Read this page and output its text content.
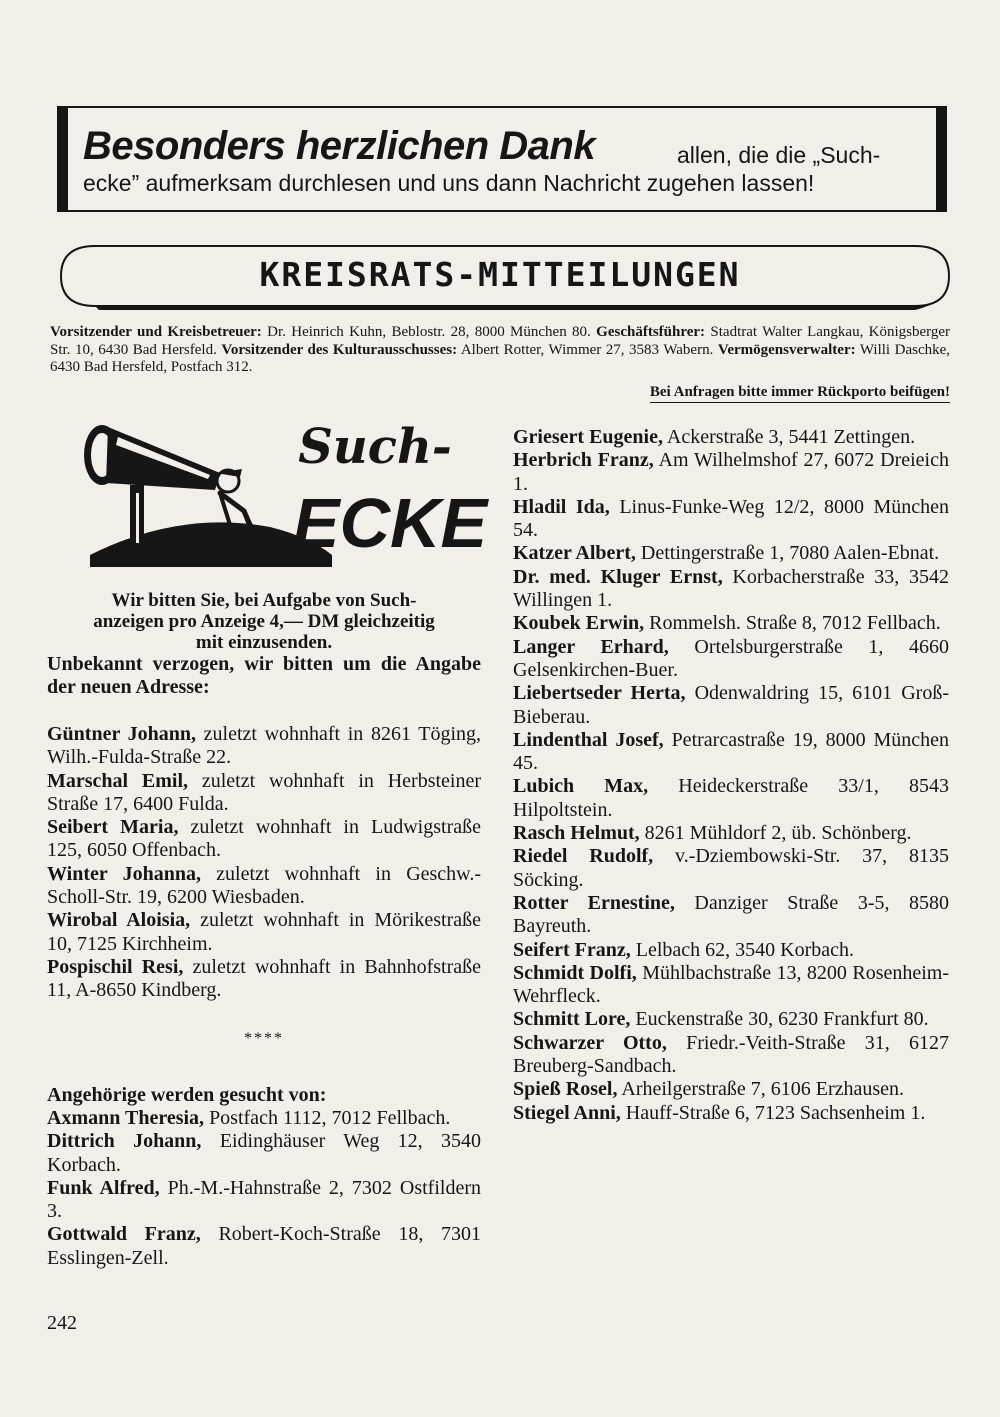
Besonders herzlichen Dank	allen, die die „Such-
ecke” aufmerksam durchlesen und uns dann Nachricht zugehen lassen!
KREISRATS-MITTEILUNGEN
Vorsitzender und Kreisbetreuer: Dr. Heinrich Kuhn, Beblostr. 28, 8000 München 80. Geschäftsführer: Stadtrat Walter Langkau, Königsberger Str. 10, 6430 Bad Hersfeld. Vorsitzender des Kulturausschusses: Albert Rotter, Wimmer 27, 3583 Wabern. Vermögensverwalter: Willi Daschke, 6430 Bad Hersfeld, Postfach 312.
Bei Anfragen bitte immer Rückporto beifügen!
Such-
ECKE

Wir bitten Sie, bei Aufgabe von Such-

anzeigen pro Anzeige 4,— DM gleichzeitig

mit einzusenden.

Unbekannt verzogen, wir bitten um die Angabe der neuen Adresse:

Güntner Johann, zuletzt wohnhaft in 8261 Töging, Wilh.-Fulda-Straße 22.

Marschal Emil, zuletzt wohnhaft in Herbsteiner Straße 17, 6400 Fulda.

Seibert Maria, zuletzt wohnhaft in Ludwigstraße 125, 6050 Offenbach.

Winter Johanna, zuletzt wohnhaft in Geschw.-Scholl-Str. 19, 6200 Wiesbaden.

Wirobal Aloisia, zuletzt wohnhaft in Mörikestraße 10, 7125 Kirchheim.

Pospischil Resi, zuletzt wohnhaft in Bahnhofstraße 11, A-8650 Kindberg.

****
Angehörige werden gesucht von:

Axmann Theresia, Postfach 1112, 7012 Fellbach.

Dittrich Johann, Eidinghäuser Weg 12, 3540 Korbach.

Funk Alfred, Ph.-M.-Hahnstraße 2, 7302 Ostfildern 3.

Gottwald Franz, Robert-Koch-Straße 18, 7301 Esslingen-Zell.

Griesert Eugenie, Ackerstraße 3, 5441 Zettingen.

Herbrich Franz, Am Wilhelmshof 27, 6072 Dreieich 1.

Hladil Ida, Linus-Funke-Weg 12/2, 8000 München 54.

Katzer Albert, Dettingerstraße 1, 7080 Aalen-Ebnat.

Dr. med. Kluger Ernst, Korbacherstraße 33, 3542 Willingen 1.

Koubek Erwin, Rommelsh. Straße 8, 7012 Fellbach.

Langer Erhard, Ortelsburgerstraße 1, 4660 Gelsenkirchen-Buer.

Liebertseder Herta, Odenwaldring 15, 6101 Groß-Bieberau.

Lindenthal Josef, Petrarcastraße 19, 8000 München 45.

Lubich Max, Heideckerstraße 33/1, 8543 Hilpoltstein.

Rasch Helmut, 8261 Mühldorf 2, üb. Schönberg.

Riedel Rudolf, v.-Dziembowski-Str. 37, 8135 Söcking.

Rotter Ernestine, Danziger Straße 3-5, 8580 Bayreuth.

Seifert Franz, Lelbach 62, 3540 Korbach.

Schmidt Dolfi, Mühlbachstraße 13, 8200 Rosenheim-Wehrfleck.

Schmitt Lore, Euckenstraße 30, 6230 Frankfurt 80.

Schwarzer Otto, Friedr.-Veith-Straße 31, 6127 Breuberg-Sandbach.

Spieß Rosel, Arheilgerstraße 7, 6106 Erzhausen.

Stiegel Anni, Hauff-Straße 6, 7123 Sachsenheim 1.

242
